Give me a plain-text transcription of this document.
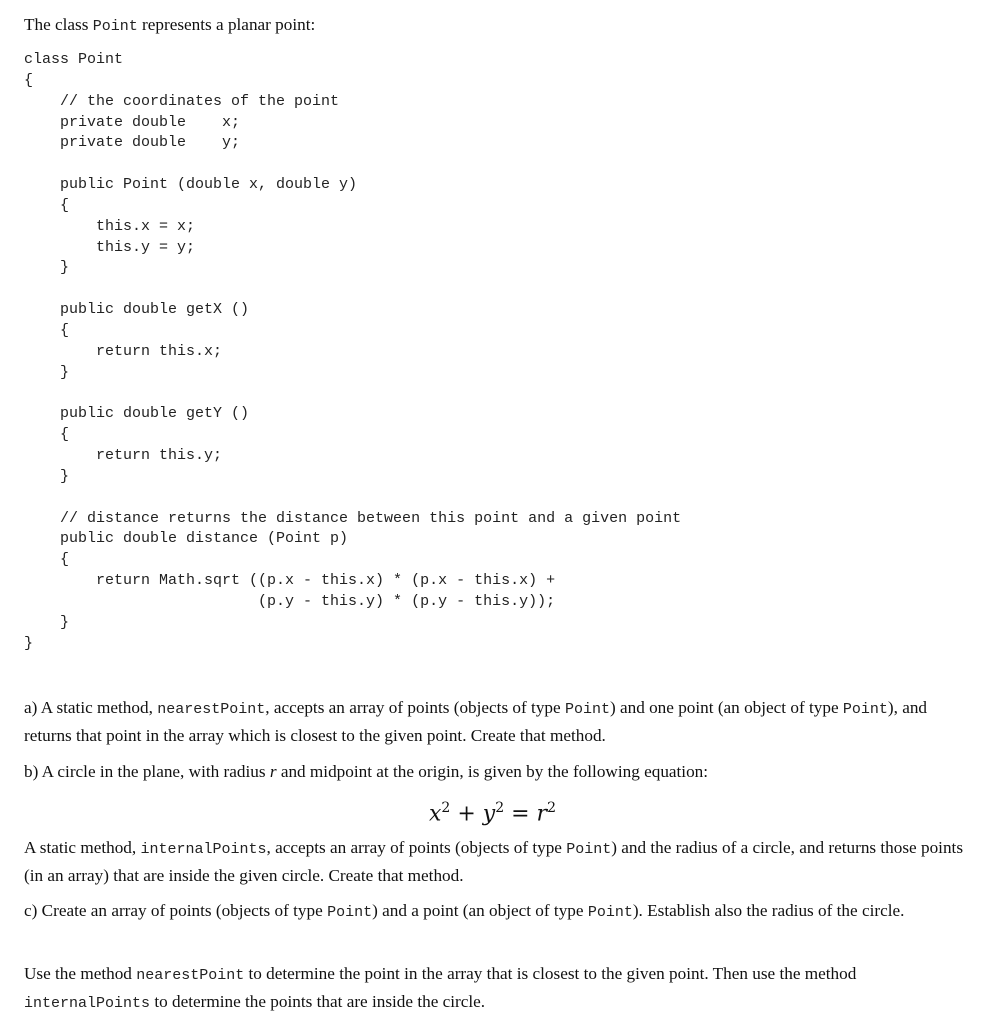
The class Point represents a planar point:
class Point
{
// the coordinates of the point
private double    x;
private double    y;
public Point (double x, double y)
{
this.x = x;
this.y = y;
}
public double getX ()
{
return this.x;
}
public double getY ()
{
return this.y;
}
// distance returns the distance between this point and a given point
public double distance (Point p)
{
return Math.sqrt ((p.x - this.x) * (p.x - this.x) +
(p.y - this.y) * (p.y - this.y));
}
}

a) A static method, nearestPoint, accepts an array of points (objects of type Point) and one point (an object of type Point), and returns that point in the array which is closest to the given point. Create that method.

b) A circle in the plane, with radius r and midpoint at the origin, is given by the following equation:

$x^2 + y^2 = r^2$

A static method, internalPoints, accepts an array of points (objects of type Point) and the radius of a circle, and returns those points (in an array) that are inside the given circle. Create that method.

c) Create an array of points (objects of type Point) and a point (an object of type Point). Establish also the radius of the circle.

Use the method nearestPoint to determine the point in the array that is closest to the given point. Then use the method internalPoints to determine the points that are inside the circle.
